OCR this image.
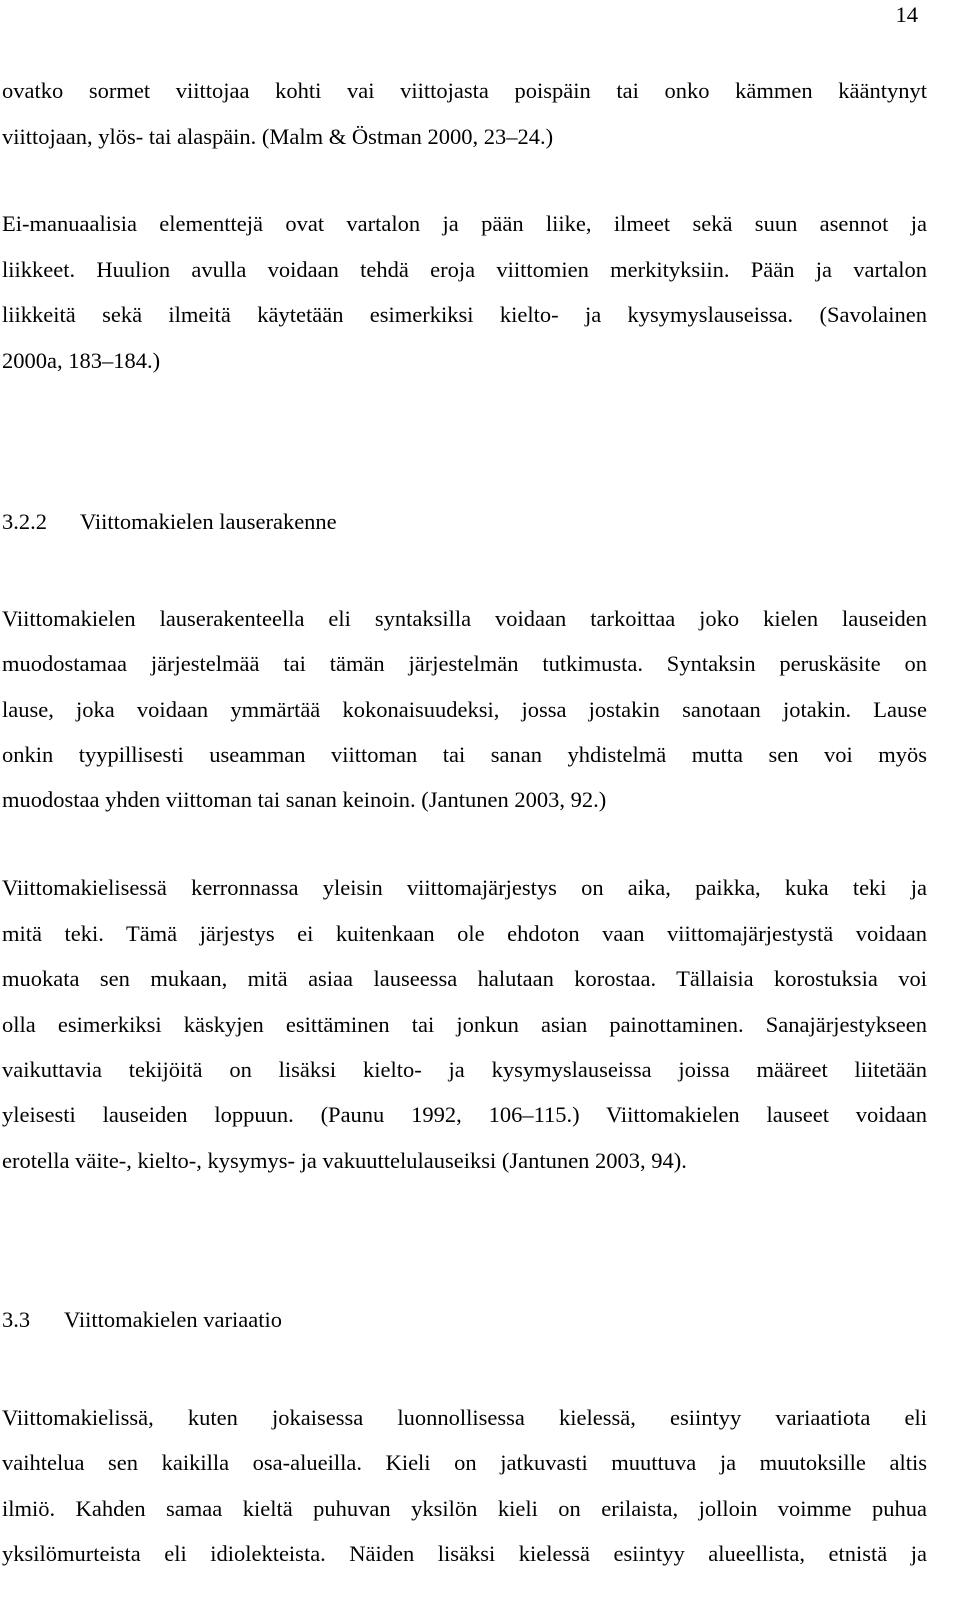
14
ovatko sormet viittojaa kohti vai viittojasta poispäin tai onko kämmen kääntynyt
viittojaan, ylös- tai alaspäin. (Malm & Östman 2000, 23–24.)
Ei-manuaalisia elementtejä ovat vartalon ja pään liike, ilmeet sekä suun asennot ja
liikkeet. Huulion avulla voidaan tehdä eroja viittomien merkityksiin. Pään ja vartalon
liikkeitä sekä ilmeitä käytetään esimerkiksi kielto- ja kysymyslauseissa. (Savolainen
2000a, 183–184.)
3.2.2 Viittomakielen lauserakenne
Viittomakielen lauserakenteella eli syntaksilla voidaan tarkoittaa joko kielen lauseiden
muodostamaa järjestelmää tai tämän järjestelmän tutkimusta. Syntaksin peruskäsite on
lause, joka voidaan ymmärtää kokonaisuudeksi, jossa jostakin sanotaan jotakin. Lause
onkin tyypillisesti useamman viittoman tai sanan yhdistelmä mutta sen voi myös
muodostaa yhden viittoman tai sanan keinoin. (Jantunen 2003, 92.)
Viittomakielisessä kerronnassa yleisin viittomajärjestys on aika, paikka, kuka teki ja
mitä teki. Tämä järjestys ei kuitenkaan ole ehdoton vaan viittomajärjestystä voidaan
muokata sen mukaan, mitä asiaa lauseessa halutaan korostaa. Tällaisia korostuksia voi
olla esimerkiksi käskyjen esittäminen tai jonkun asian painottaminen. Sanajärjestykseen
vaikuttavia tekijöitä on lisäksi kielto- ja kysymyslauseissa joissa määreet liitetään
yleisesti lauseiden loppuun. (Paunu 1992, 106–115.) Viittomakielen lauseet voidaan
erotella väite-, kielto-, kysymys- ja vakuuttelulauseiksi (Jantunen 2003, 94).
3.3 Viittomakielen variaatio
Viittomakielissä, kuten jokaisessa luonnollisessa kielessä, esiintyy variaatiota eli
vaihtelua sen kaikilla osa-alueilla. Kieli on jatkuvasti muuttuva ja muutoksille altis
ilmiö. Kahden samaa kieltä puhuvan yksilön kieli on erilaista, jolloin voimme puhua
yksilömurteista eli idiolekteista. Näiden lisäksi kielessä esiintyy alueellista, etnistä ja
